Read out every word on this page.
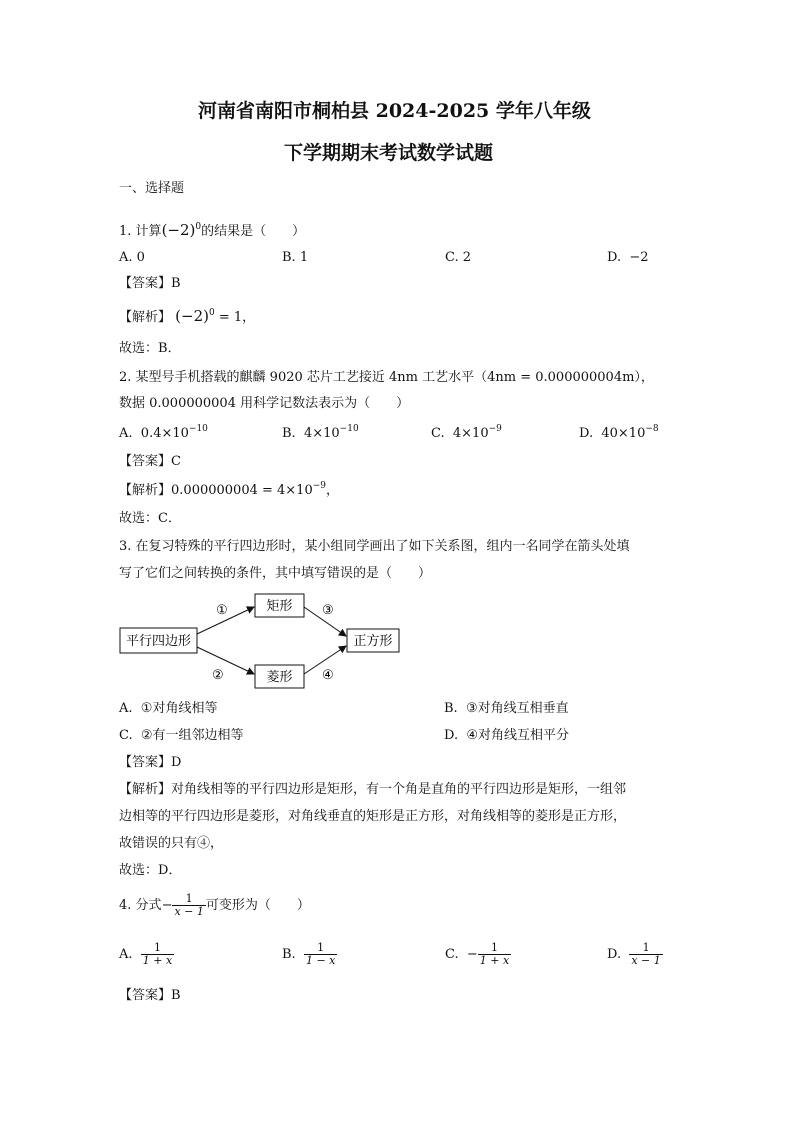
河南省南阳市桐柏县 2024-2025 学年八年级
下学期期末考试数学试题
一、选择题
1. 计算$(-2)^0$的结果是（　　）
A. 0	B. 1	C. 2	D. −2
【答案】B
【解析】 $(-2)^0 = 1$，
故选：B．
2. 某型号手机搭载的麒麟 9020 芯片工艺接近 4nm 工艺水平（4nm = 0.000000004m），
数据 0.000000004 用科学记数法表示为（　　）
A. $0.4\times 10^{-10}$	B. $4\times 10^{-10}$	C. $4\times 10^{-9}$	D. $40\times 10^{-8}$
【答案】C
【解析】$0.000000004 = 4\times 10^{-9}$，
故选：C．
3. 在复习特殊的平行四边形时，某小组同学画出了如下关系图，组内一名同学在箭头处填
写了它们之间转换的条件，其中填写错误的是（　　）
平行四边形
矩形
菱形
正方形
①
②
③
④
A. ①对角线相等	B. ③对角线互相垂直
C. ②有一组邻边相等	D. ④对角线互相平分
【答案】D
【解析】对角线相等的平行四边形是矩形，有一个角是直角的平行四边形是矩形，一组邻
边相等的平行四边形是菱形，对角线垂直的矩形是正方形，对角线相等的菱形是正方形，
故错误的只有④，
故选：D．
4. 分式− $\frac{1}{x - 1}$ 可变形为（　　）
A. $\frac{1}{1 + x}$	B. $\frac{1}{1 - x}$	C. − $\frac{1}{1 + x}$	D. $\frac{1}{x - 1}$
【答案】B
